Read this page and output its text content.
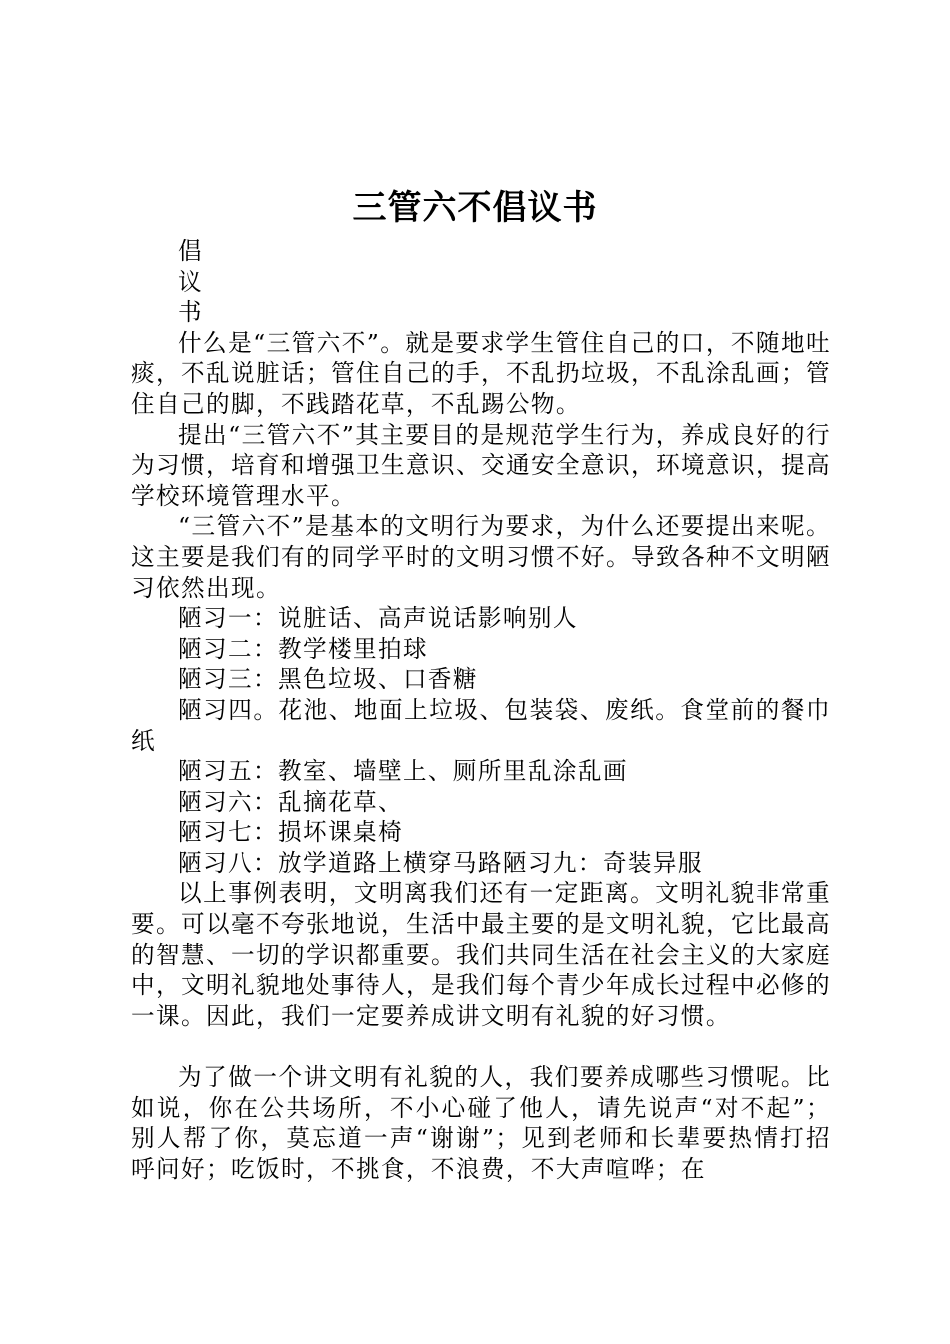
三管六不倡议书

倡

议

书

什么是“三管六不”。就是要求学生管住自己的口，不随地吐痰，不乱说脏话；管住自己的手，不乱扔垃圾，不乱涂乱画；管住自己的脚，不践踏花草，不乱踢公物。

提出“三管六不”其主要目的是规范学生行为，养成良好的行为习惯，培育和增强卫生意识、交通安全意识，环境意识，提高学校环境管理水平。

“三管六不”是基本的文明行为要求，为什么还要提出来呢。这主要是我们有的同学平时的文明习惯不好。导致各种不文明陋习依然出现。

陋习一：说脏话、高声说话影响别人

陋习二：教学楼里拍球

陋习三：黑色垃圾、口香糖

陋习四。花池、地面上垃圾、包装袋、废纸。食堂前的餐巾纸

陋习五：教室、墙壁上、厕所里乱涂乱画

陋习六：乱摘花草、

陋习七：损坏课桌椅

陋习八：放学道路上横穿马路陋习九：奇装异服

以上事例表明，文明离我们还有一定距离。文明礼貌非常重要。可以毫不夸张地说，生活中最主要的是文明礼貌，它比最高的智慧、一切的学识都重要。我们共同生活在社会主义的大家庭中，文明礼貌地处事待人，是我们每个青少年成长过程中必修的一课。因此，我们一定要养成讲文明有礼貌的好习惯。

为了做一个讲文明有礼貌的人，我们要养成哪些习惯呢。比如说，你在公共场所，不小心碰了他人，请先说声“对不起”；别人帮了你，莫忘道一声“谢谢”；见到老师和长辈要热情打招呼问好；吃饭时，不挑食，不浪费，不大声喧哗；在
